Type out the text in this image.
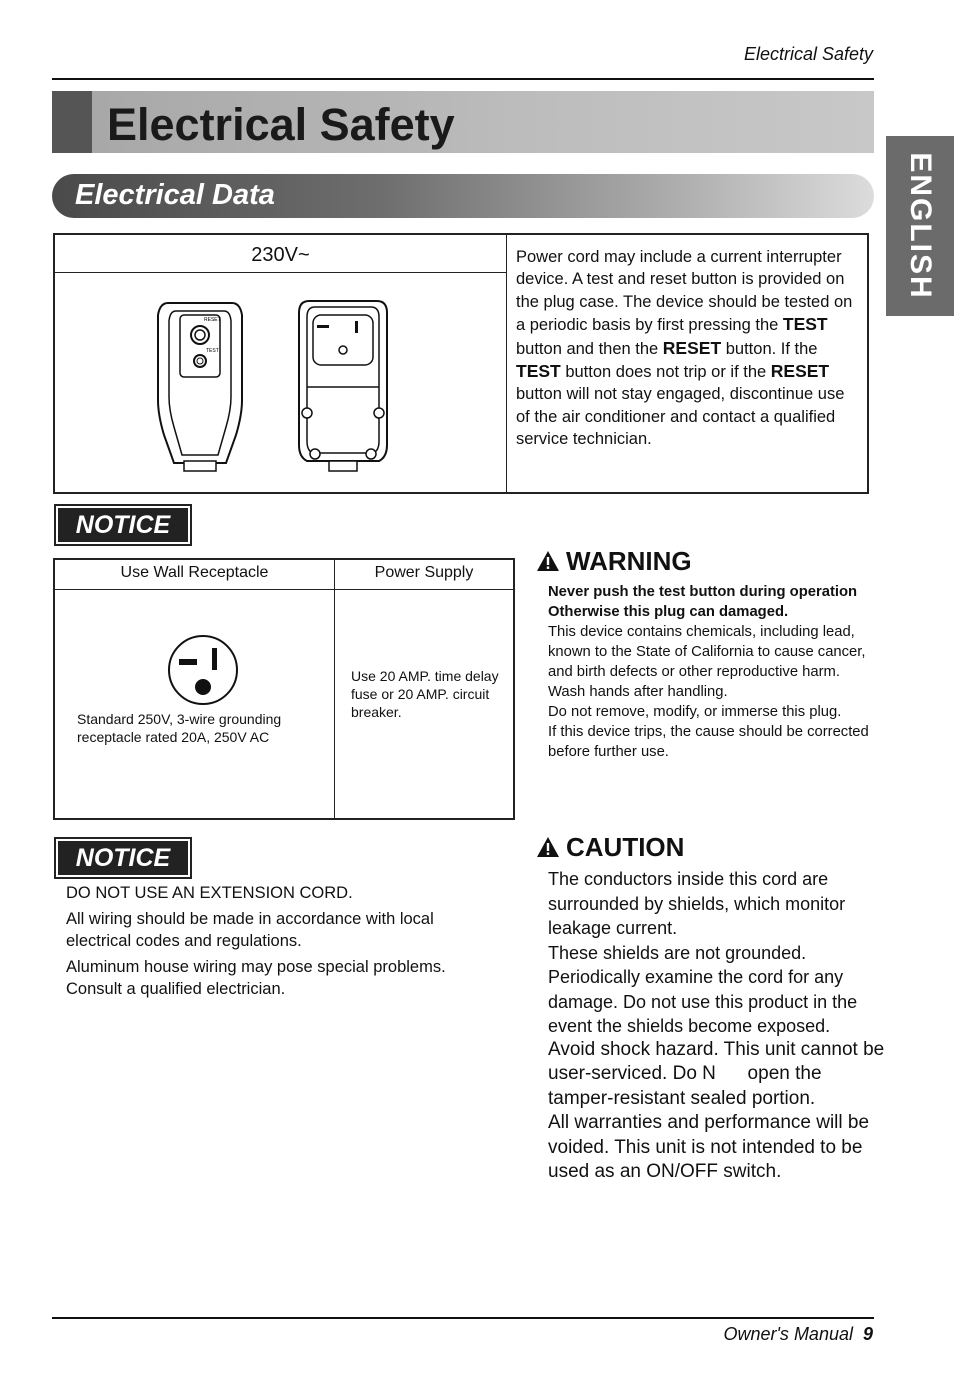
Electrical Safety
Electrical Safety
Electrical Data	ENGLISH
230V~
RESET
TEST
Power cord may include a current interrupter device. A test and reset button is provided on the plug case. The device should be tested on a periodic basis by first pressing the TEST button and then the RESET button. If the TEST button does not trip or if the RESET button will not stay engaged, discontinue use of the air conditioner and contact a qualified service technician.
NOTICE
Use Wall Receptacle	Power Supply
Standard 250V, 3-wire grounding receptacle rated 20A, 250V AC
Use 20 AMP. time delay fuse or 20 AMP. circuit breaker.
NOTICE

DO NOT USE AN EXTENSION CORD.

All wiring should be made in accordance with local electrical codes and regulations.

Aluminum house wiring may pose special problems. Consult a qualified electrician.

WARNING
Never push the test button during operation
Otherwise this plug can damaged.
This device contains chemicals, including lead, known to the State of California to cause cancer, and birth defects or other reproductive harm.
Wash hands after handling.
Do not remove, modify, or immerse this plug.
If this device trips, the cause should be corrected before further use.
CAUTION

The conductors inside this cord are surrounded by shields, which monitor leakage current.

These shields are not grounded. Periodically examine the cord for any damage. Do not use this product in the event the shields become exposed.

Avoid shock hazard. This unit cannot be user-serviced. Do N      open the tamper-resistant sealed portion.

All warranties and performance will be voided. This unit is not intended to be used as an ON/OFF switch.

Owner's Manual 9
